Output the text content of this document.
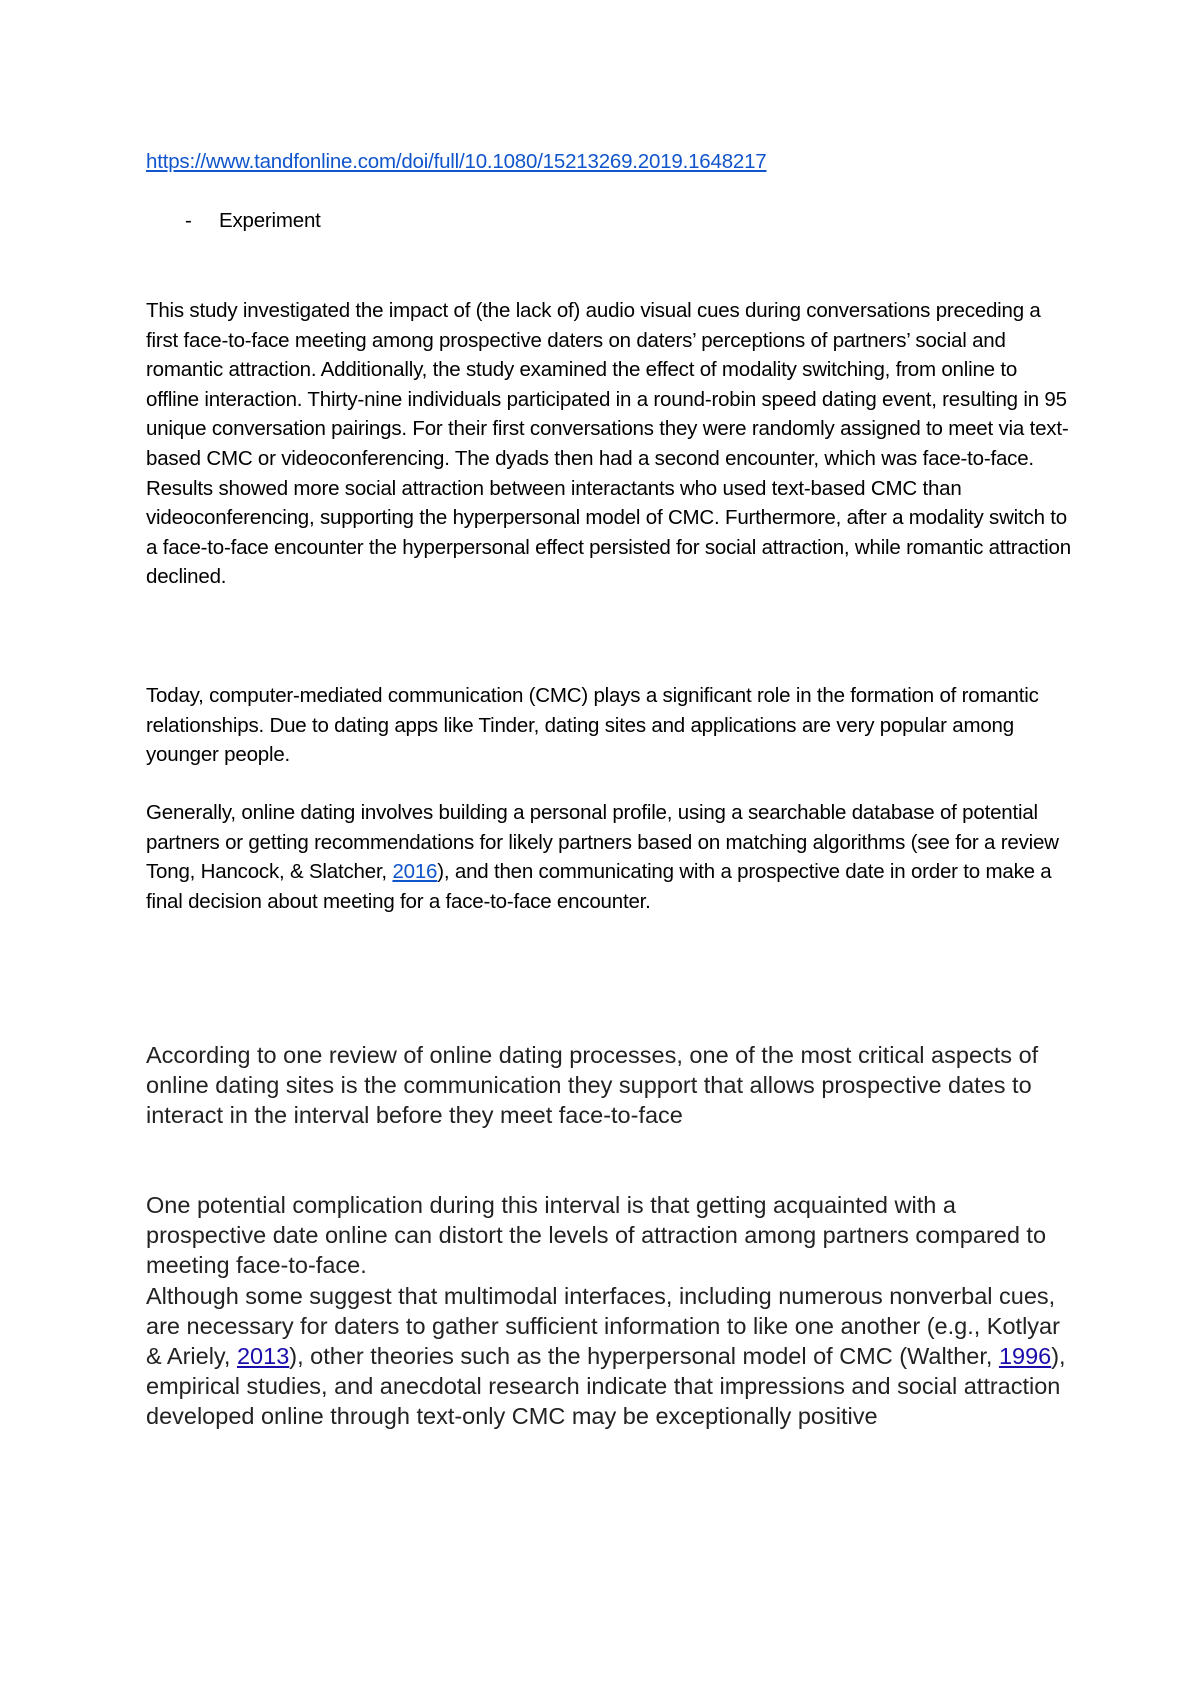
https://www.tandfonline.com/doi/full/10.1080/15213269.2019.1648217
-	Experiment

This study investigated the impact of (the lack of) audio visual cues during conversations preceding a first face-to-face meeting among prospective daters on daters’ perceptions of partners’ social and romantic attraction. Additionally, the study examined the effect of modality switching, from online to offline interaction. Thirty-nine individuals participated in a round-robin speed dating event, resulting in 95 unique conversation pairings. For their first conversations they were randomly assigned to meet via text-based CMC or videoconferencing. The dyads then had a second encounter, which was face-to-face. Results showed more social attraction between interactants who used text-based CMC than videoconferencing, supporting the hyperpersonal model of CMC. Furthermore, after a modality switch to a face-to-face encounter the hyperpersonal effect persisted for social attraction, while romantic attraction declined.

Today, computer-mediated communication (CMC) plays a significant role in the formation of romantic relationships. Due to dating apps like Tinder, dating sites and applications are very popular among younger people.

Generally, online dating involves building a personal profile, using a searchable database of potential partners or getting recommendations for likely partners based on matching algorithms (see for a review Tong, Hancock, & Slatcher, 2016), and then communicating with a prospective date in order to make a final decision about meeting for a face-to-face encounter.

According to one review of online dating processes, one of the most critical aspects of online dating sites is the communication they support that allows prospective dates to interact in the interval before they meet face-to-face

One potential complication during this interval is that getting acquainted with a prospective date online can distort the levels of attraction among partners compared to meeting face-to-face.
Although some suggest that multimodal interfaces, including numerous nonverbal cues, are necessary for daters to gather sufficient information to like one another (e.g., Kotlyar & Ariely, 2013), other theories such as the hyperpersonal model of CMC (Walther, 1996), empirical studies, and anecdotal research indicate that impressions and social attraction developed online through text-only CMC may be exceptionally positive
